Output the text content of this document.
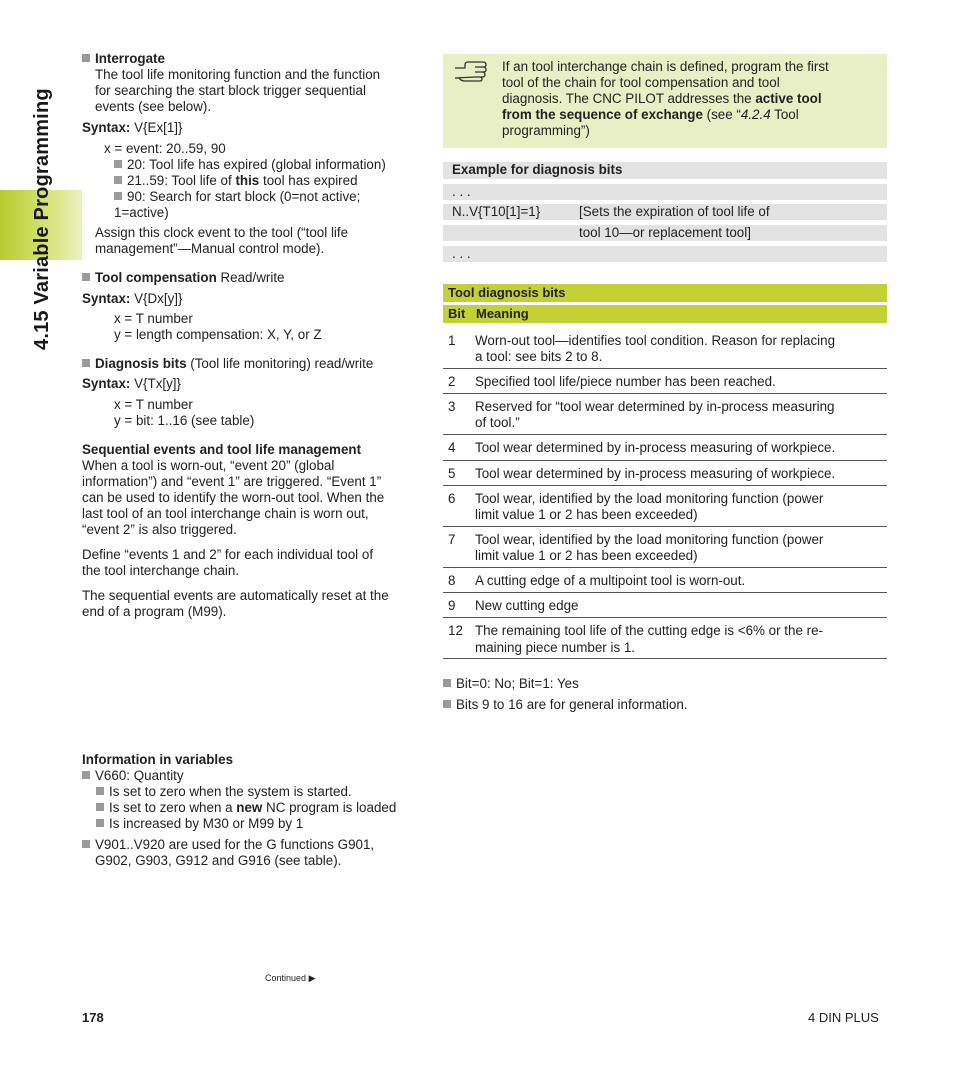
4.15 Variable Programming
Interrogate
The tool life monitoring function and the function
for searching the start block trigger sequential
events (see below).
Syntax: V{Ex[1]}
x = event: 20..59, 90
20: Tool life has expired (global information)
21..59: Tool life of this tool has expired
90: Search for start block (0=not active;
1=active)
Assign this clock event to the tool (“tool life
management”—Manual control mode).
Tool compensation Read/write
Syntax: V{Dx[y]}
x = T number
y = length compensation: X, Y, or Z
Diagnosis bits (Tool life monitoring) read/write
Syntax: V{Tx[y]}
x = T number
y = bit: 1..16 (see table)
Sequential events and tool life management
When a tool is worn-out, “event 20” (global
information”) and “event 1” are triggered. “Event 1”
can be used to identify the worn-out tool. When the
last tool of an tool interchange chain is worn out,
“event 2” is also triggered.
Define “events 1 and 2” for each individual tool of
the tool interchange chain.
The sequential events are automatically reset at the
end of a program (M99).
Information in variables
V660: Quantity
Is set to zero when the system is started.
Is set to zero when a new NC program is loaded
Is increased by M30 or M99 by 1
V901..V920 are used for the G functions G901,
G902, G903, G912 and G916 (see table).
Continued ▶
If an tool interchange chain is defined, program the first
tool of the chain for tool compensation and tool
diagnosis. The CNC PILOT addresses the active tool
from the sequence of exchange (see “4.2.4 Tool
programming”)
Example for diagnosis bits
. . .
N..V{T10[1]=1}	[Sets the expiration of tool life of
tool 10—or replacement tool]
. . .
Tool diagnosis bits
Bit Meaning
1 Worn-out tool—identifies tool condition. Reason for replacing
a tool: see bits 2 to 8.
2 Specified tool life/piece number has been reached.
3 Reserved for “tool wear determined by in-process measuring
of tool.”
4 Tool wear determined by in-process measuring of workpiece.
5 Tool wear determined by in-process measuring of workpiece.
6 Tool wear, identified by the load monitoring function (power
limit value 1 or 2 has been exceeded)
7 Tool wear, identified by the load monitoring function (power
limit value 1 or 2 has been exceeded)
8 A cutting edge of a multipoint tool is worn-out.
9 New cutting edge
12 The remaining tool life of the cutting edge is <6% or the re-
maining piece number is 1.
Bit=0: No; Bit=1: Yes
Bits 9 to 16 are for general information.
178	4 DIN PLUS
